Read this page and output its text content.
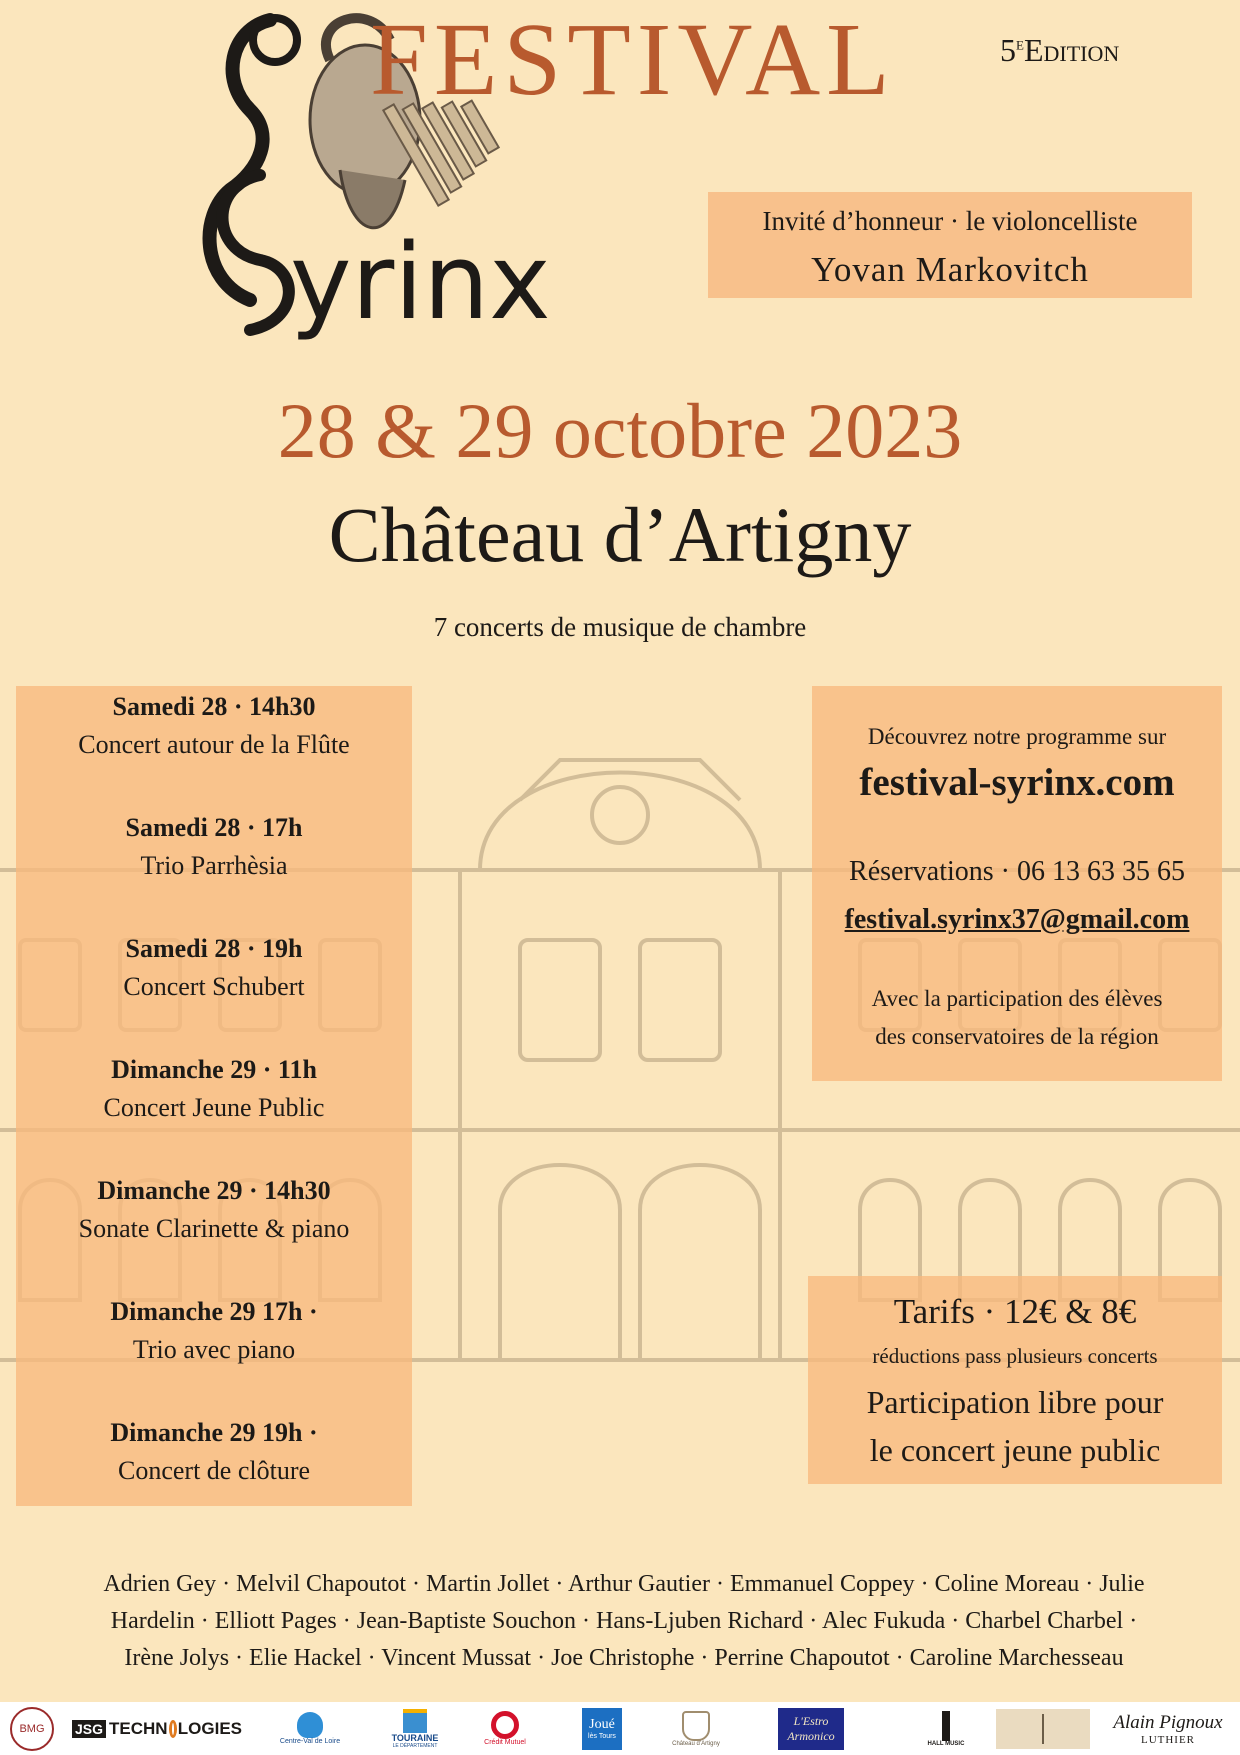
yrinx
FESTIVAL	5eEdition
Invité d’honneur · le violoncelliste
Yovan Markovitch
28 & 29 octobre 2023
Château d’Artigny
7 concerts de musique de chambre
Samedi 28 · 14h30
Concert autour de la Flûte
Samedi 28 · 17h
Trio Parrhèsia
Samedi 28 · 19h
Concert Schubert
Dimanche 29 · 11h
Concert Jeune Public
Dimanche 29 · 14h30
Sonate Clarinette & piano
Dimanche 29 17h ·
Trio avec piano
Dimanche 29 19h ·
Concert de clôture
Découvrez notre programme sur
festival-syrinx.com
Réservations · 06 13 63 35 65
festival.syrinx37@gmail.com
Avec la participation des élèves
des conservatoires de la région
Tarifs · 12€ & 8€
réductions pass plusieurs concerts
Participation libre pour
le concert jeune public
Adrien Gey · Melvil Chapoutot · Martin Jollet · Arthur Gautier · Emmanuel Coppey · Coline Moreau · Julie
Hardelin · Elliott Pages · Jean-Baptiste Souchon · Hans-Ljuben Richard · Alec Fukuda · Charbel Charbel ·
Irène Jolys · Elie Hackel · Vincent Mussat · Joe Christophe · Perrine Chapoutot · Caroline Marchesseau
BMG	JSG TECHN LOGIES
Centre-Val de Loire	TOURAINE
LE DÉPARTEMENT	Crédit Mutuel
Joué
lès Tours
Château d’Artigny
L'Estro
Armonico
HALL MUSIC
Alain Pignoux
LUTHIER
